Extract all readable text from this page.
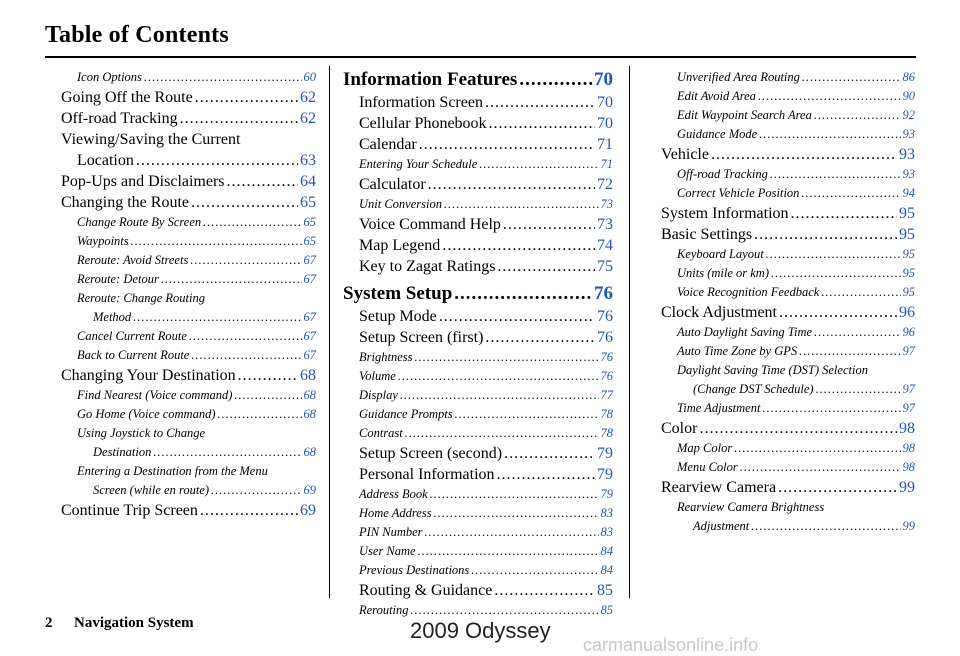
Table of Contents
Icon Options .....	60
Going Off the Route .....	62
Off-road Tracking .....	62
Viewing/Saving the Current
Location .....	63
Pop-Ups and Disclaimers .....	64
Changing the Route .....	65
Change Route By Screen .....	65
Waypoints .....	65
Reroute: Avoid Streets .....	67
Reroute: Detour .....	67
Reroute: Change Routing
Method .....	67
Cancel Current Route .....	67
Back to Current Route .....	67
Changing Your Destination .....	68
Find Nearest (Voice command) .....	68
Go Home (Voice command) .....	68
Using Joystick to Change
Destination .....	68
Entering a Destination from the Menu
Screen (while en route) .....	69
Continue Trip Screen .....	69
Information Features .....	70
Information Screen .....	70
Cellular Phonebook .....	70
Calendar .....	71
Entering Your Schedule .....	71
Calculator .....	72
Unit Conversion .....	73
Voice Command Help .....	73
Map Legend .....	74
Key to Zagat Ratings .....	75
System Setup .....	76
Setup Mode .....	76
Setup Screen (first) .....	76
Brightness .....	76
Volume .....	76
Display .....	77
Guidance Prompts .....	78
Contrast .....	78
Setup Screen (second) .....	79
Personal Information .....	79
Address Book .....	79
Home Address .....	83
PIN Number .....	83
User Name .....	84
Previous Destinations .....	84
Routing & Guidance .....	85
Rerouting .....	85
Unverified Area Routing .....	86
Edit Avoid Area .....	90
Edit Waypoint Search Area .....	92
Guidance Mode .....	93
Vehicle .....	93
Off-road Tracking .....	93
Correct Vehicle Position .....	94
System Information .....	95
Basic Settings .....	95
Keyboard Layout .....	95
Units (mile or km) .....	95
Voice Recognition Feedback .....	95
Clock Adjustment .....	96
Auto Daylight Saving Time .....	96
Auto Time Zone by GPS .....	97
Daylight Saving Time (DST) Selection
(Change DST Schedule) .....	97
Time Adjustment .....	97
Color .....	98
Map Color .....	98
Menu Color .....	98
Rearview Camera .....	99
Rearview Camera Brightness
Adjustment .....	99
2 Navigation System	2009 Odyssey
carmanualsonline.info
